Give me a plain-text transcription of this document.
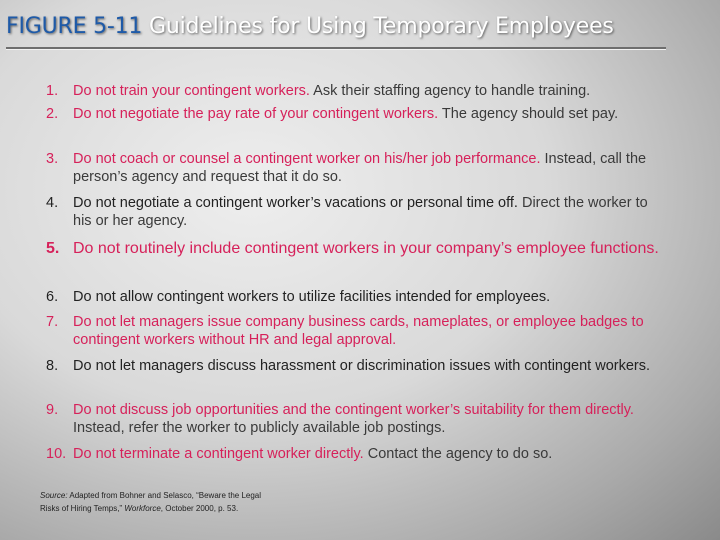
FIGURE 5-11 Guidelines for Using Temporary Employees
1. Do not train your contingent workers. Ask their staffing agency to handle training.
2. Do not negotiate the pay rate of your contingent workers. The agency should set pay.
3. Do not coach or counsel a contingent worker on his/her job performance. Instead, call the person’s agency and request that it do so.
4. Do not negotiate a contingent worker’s vacations or personal time off. Direct the worker to his or her agency.
5. Do not routinely include contingent workers in your company’s employee functions.
6. Do not allow contingent workers to utilize facilities intended for employees.
7. Do not let managers issue company business cards, nameplates, or employee badges to contingent workers without HR and legal approval.
8. Do not let managers discuss harassment or discrimination issues with contingent workers.
9. Do not discuss job opportunities and the contingent worker’s suitability for them directly. Instead, refer the worker to publicly available job postings.
10. Do not terminate a contingent worker directly. Contact the agency to do so.
Source: Adapted from Bohner and Selasco, “Beware the Legal
Risks of Hiring Temps,” Workforce, October 2000, p. 53.
